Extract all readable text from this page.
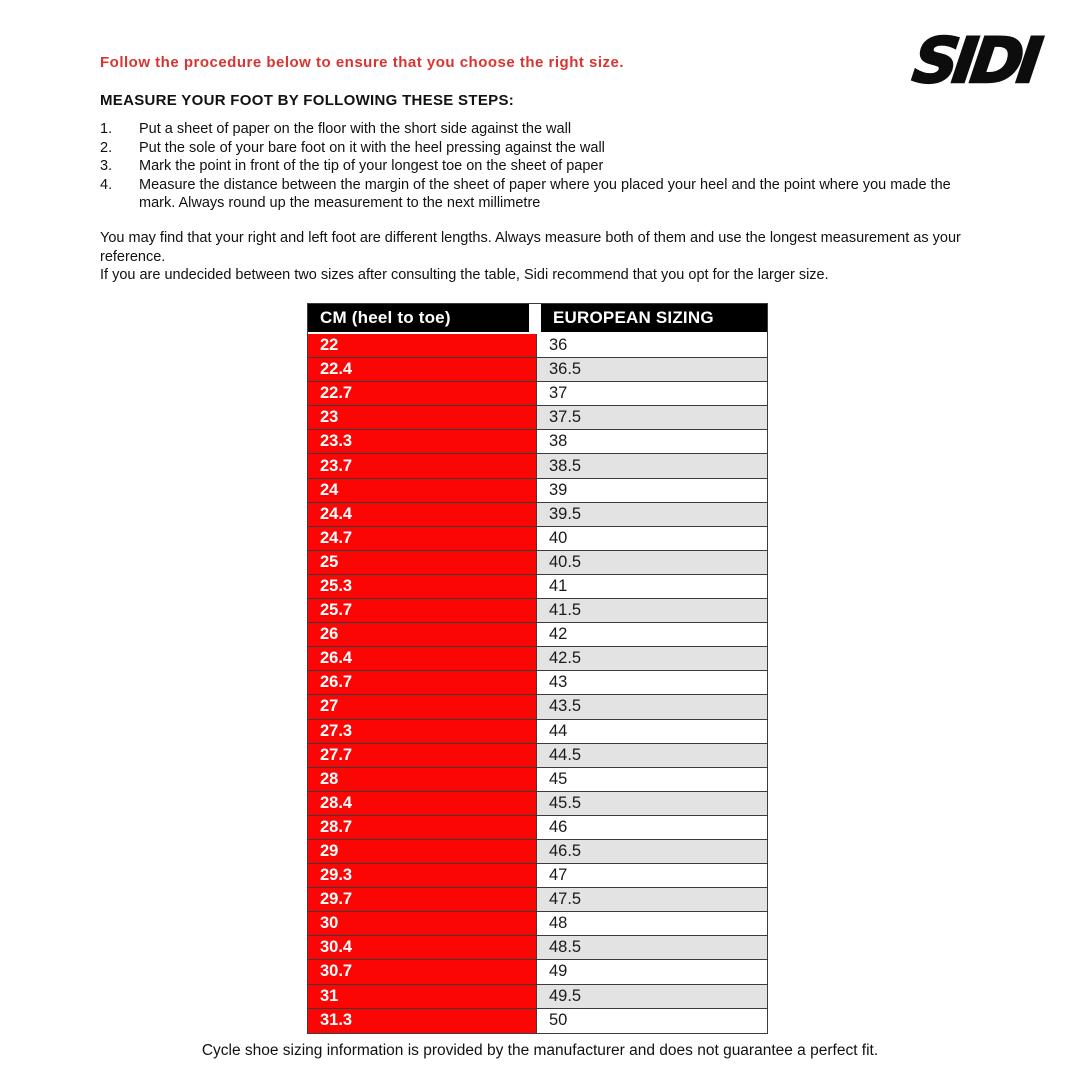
Follow the procedure below to ensure that you choose the right size.	SIDI
MEASURE YOUR FOOT BY FOLLOWING THESE STEPS:
1.	Put a sheet of paper on the floor with the short side against the wall
2.	Put the sole of your bare foot on it with the heel pressing against the wall
3.	Mark the point in front of the tip of your longest toe on the sheet of paper
4.	Measure the distance between the margin of the sheet of paper where you placed your heel and the point where you made the mark. Always round up the measurement to the next millimetre

You may find that your right and left foot are different lengths. Always measure both of them and use the longest measurement as your reference.

If you are undecided between two sizes after consulting the table, Sidi recommend that you opt for the larger size.

CM (heel to toe)	EUROPEAN SIZING
22	36
22.4	36.5
22.7	37
23	37.5
23.3	38
23.7	38.5
24	39
24.4	39.5
24.7	40
25	40.5
25.3	41
25.7	41.5
26	42
26.4	42.5
26.7	43
27	43.5
27.3	44
27.7	44.5
28	45
28.4	45.5
28.7	46
29	46.5
29.3	47
29.7	47.5
30	48
30.4	48.5
30.7	49
31	49.5
31.3	50
Cycle shoe sizing information is provided by the manufacturer and does not guarantee a perfect fit.
